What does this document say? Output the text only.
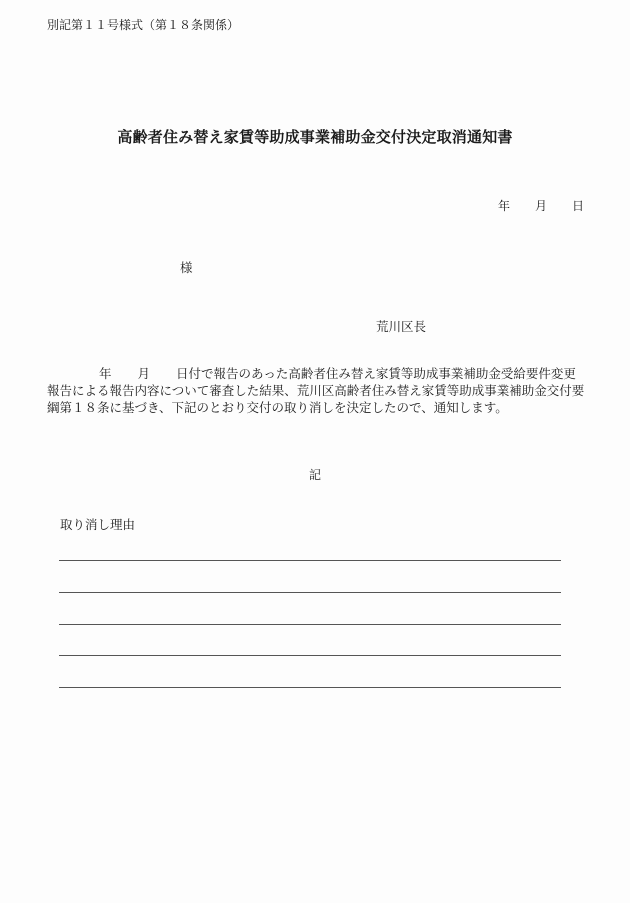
別記第１１号様式（第１８条関係）
高齢者住み替え家賃等助成事業補助金交付決定取消通知書
年 月 日
様
荒川区長
年 月 日付で報告のあった高齢者住み替え家賃等助成事業補助金受給要件変更報告による報告内容について審査した結果、荒川区高齢者住み替え家賃等助成事業補助金交付要綱第１８条に基づき、下記のとおり交付の取り消しを決定したので、通知します。
記
取り消し理由
